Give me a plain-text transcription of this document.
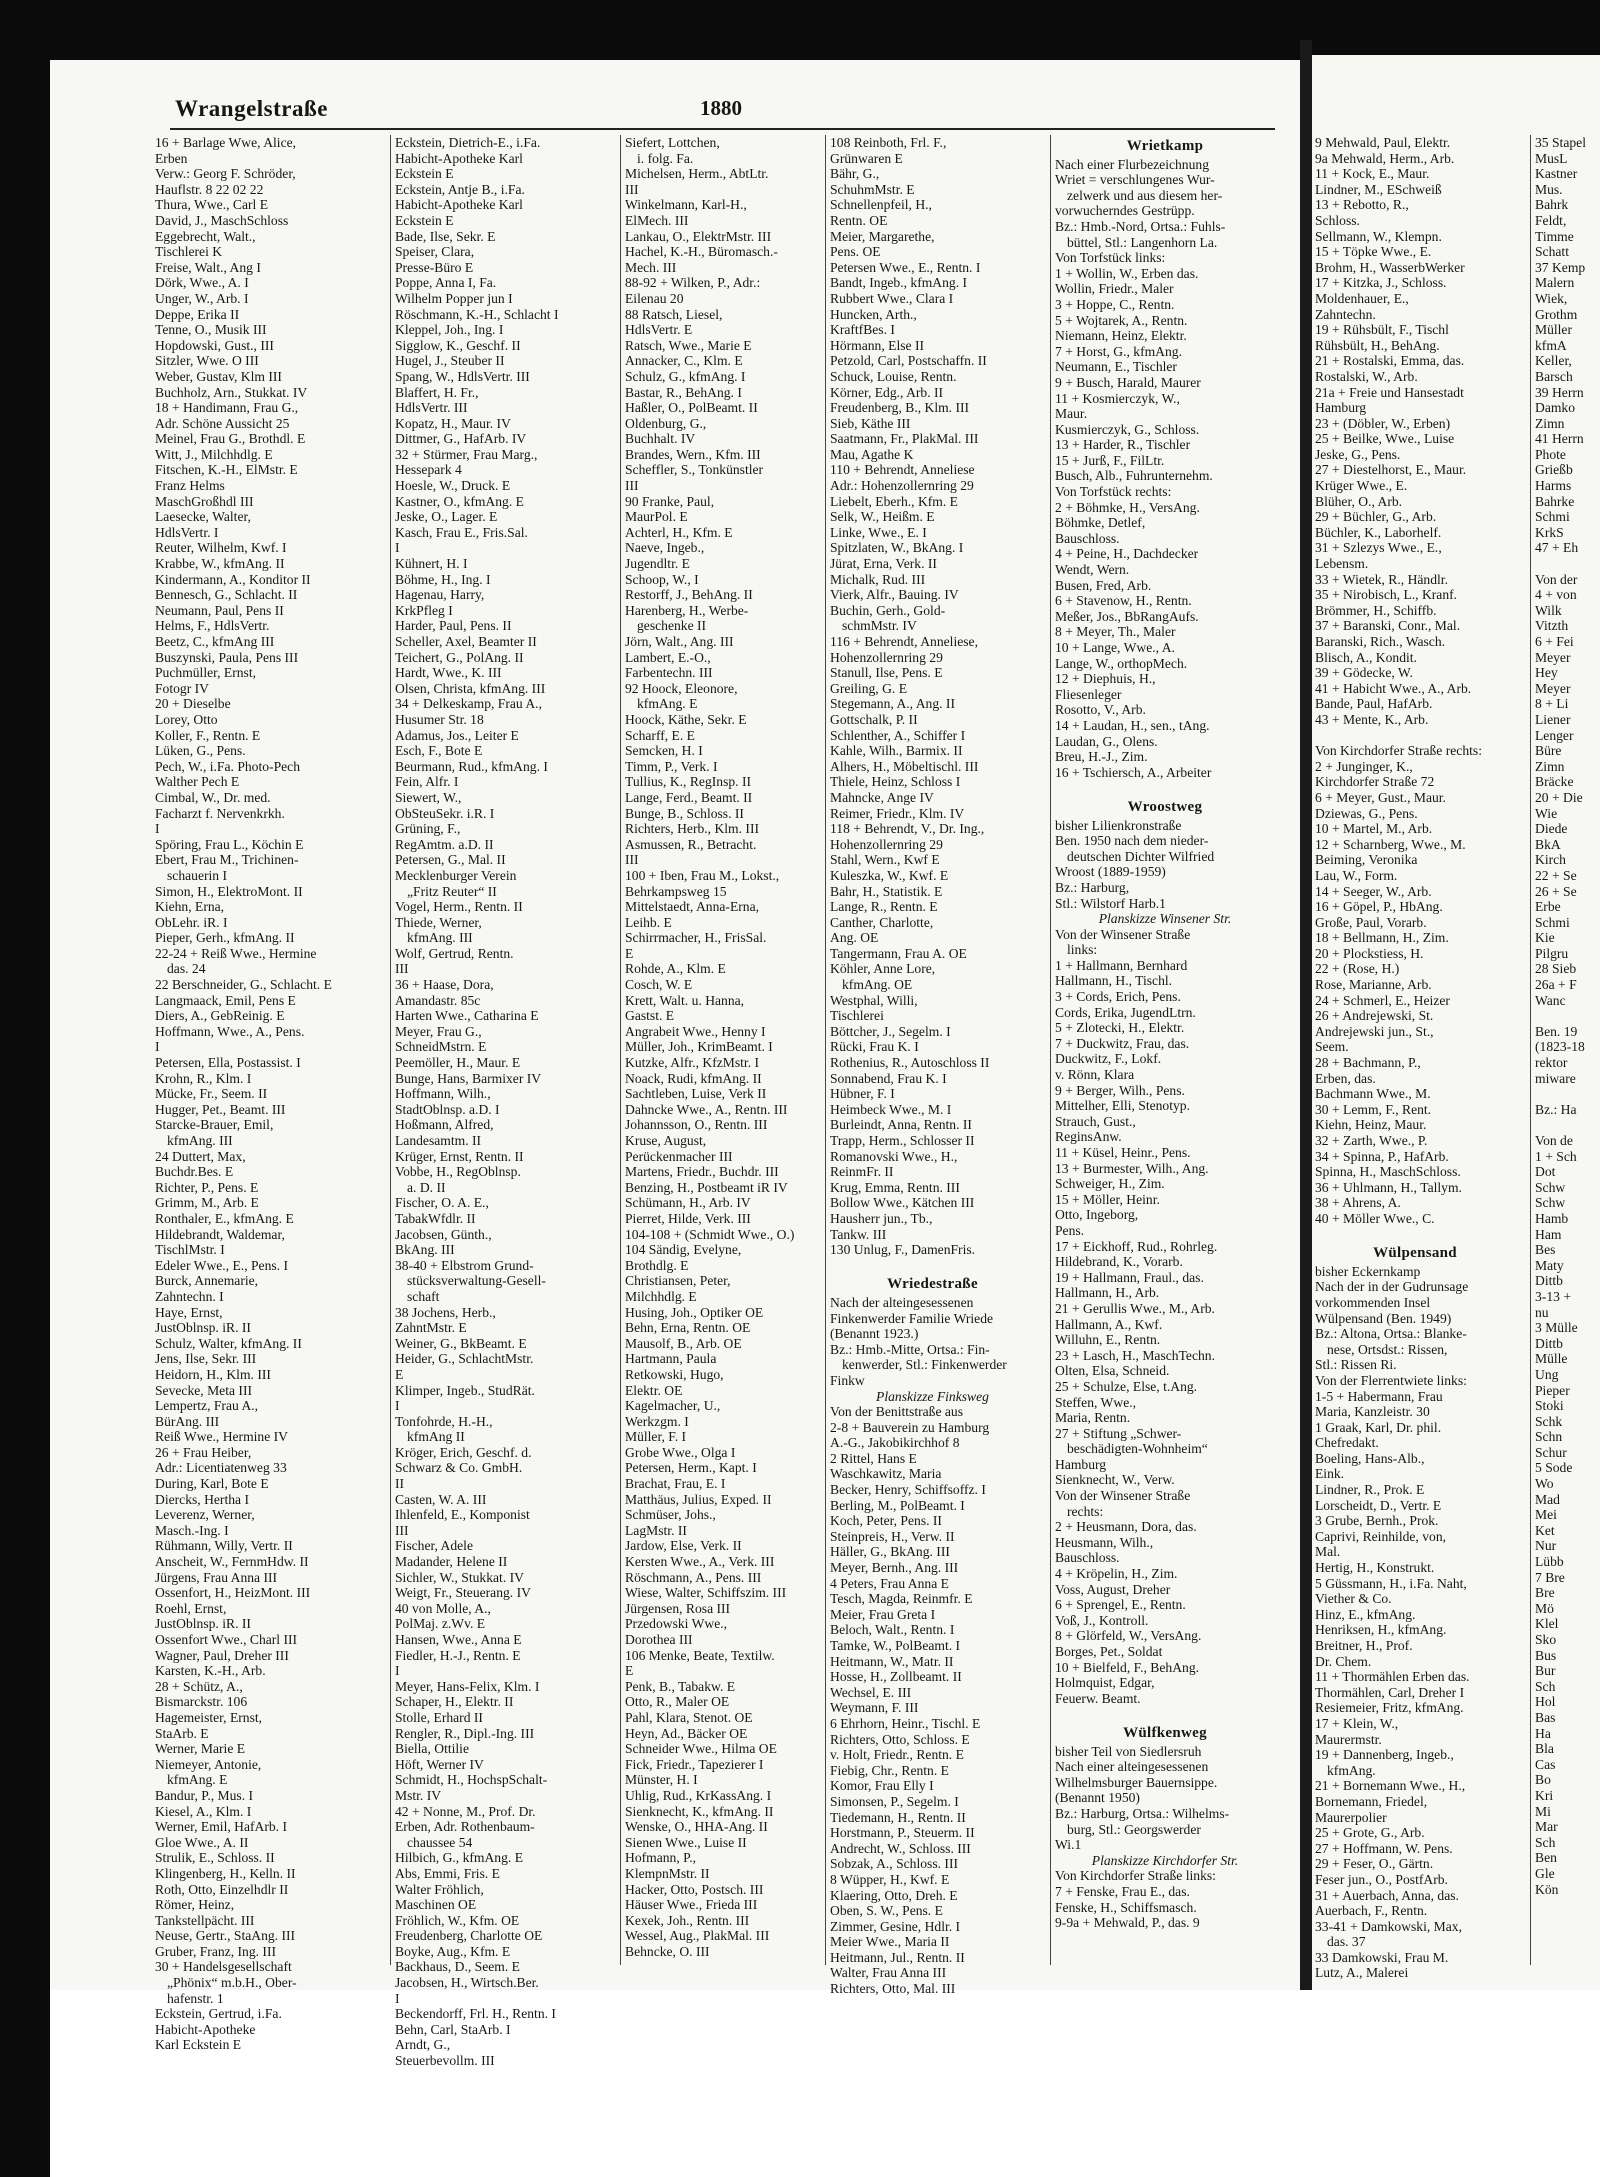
Wrangelstraße	1880
16 + Barlage Wwe, Alice,
Erben
Verw.: Georg F. Schröder,
Hauflstr. 8 22 02 22
Thura, Wwe., Carl E
David, J., MaschSchloss
Eggebrecht, Walt.,
Tischlerei K
Freise, Walt., Ang I
Dörk, Wwe., A. I
Unger, W., Arb. I
Deppe, Erika II
Tenne, O., Musik III
Hopdowski, Gust., III
Sitzler, Wwe. O III
Weber, Gustav, Klm III
Buchholz, Arn., Stukkat. IV
18 + Handimann, Frau G.,
Adr. Schöne Aussicht 25
Meinel, Frau G., Brothdl. E
Witt, J., Milchhdlg. E
Fitschen, K.-H., ElMstr. E
Franz Helms
MaschGroßhdl III
Laesecke, Walter,
HdlsVertr. I
Reuter, Wilhelm, Kwf. I
Krabbe, W., kfmAng. II
Kindermann, A., Konditor II
Bennesch, G., Schlacht. II
Neumann, Paul, Pens II
Helms, F., HdlsVertr.
Beetz, C., kfmAng III
Buszynski, Paula, Pens III
Puchmüller, Ernst,
Fotogr IV
20 + Dieselbe
Lorey, Otto
Koller, F., Rentn. E
Lüken, G., Pens.
Pech, W., i.Fa. Photo-Pech
Walther Pech E
Cimbal, W., Dr. med.
Facharzt f. Nervenkrkh.
I
Spöring, Frau L., Köchin E
Ebert, Frau M., Trichinen-
schauerin I
Simon, H., ElektroMont. II
Kiehn, Erna,
ObLehr. iR. I
Pieper, Gerh., kfmAng. II
22-24 + Reiß Wwe., Hermine
das. 24
22 Berschneider, G., Schlacht. E
Langmaack, Emil, Pens E
Diers, A., GebReinig. E
Hoffmann, Wwe., A., Pens.
I
Petersen, Ella, Postassist. I
Krohn, R., Klm. I
Mücke, Fr., Seem. II
Hugger, Pet., Beamt. III
Starcke-Brauer, Emil,
kfmAng. III
24 Duttert, Max,
Buchdr.Bes. E
Richter, P., Pens. E
Grimm, M., Arb. E
Ronthaler, E., kfmAng. E
Hildebrandt, Waldemar,
TischlMstr. I
Edeler Wwe., E., Pens. I
Burck, Annemarie,
Zahntechn. I
Haye, Ernst,
JustOblnsp. iR. II
Schulz, Walter, kfmAng. II
Jens, Ilse, Sekr. III
Heidorn, H., Klm. III
Sevecke, Meta III
Lempertz, Frau A.,
BürAng. III
Reiß Wwe., Hermine IV
26 + Frau Heiber,
Adr.: Licentiatenweg 33
During, Karl, Bote E
Diercks, Hertha I
Leverenz, Werner,
Masch.-Ing. I
Rühmann, Willy, Vertr. II
Anscheit, W., FernmHdw. II
Jürgens, Frau Anna III
Ossenfort, H., HeizMont. III
Roehl, Ernst,
JustOblnsp. iR. II
Ossenfort Wwe., Charl III
Wagner, Paul, Dreher III
Karsten, K.-H., Arb.
28 + Schütz, A.,
Bismarckstr. 106
Hagemeister, Ernst,
StaArb. E
Werner, Marie E
Niemeyer, Antonie,
kfmAng. E
Bandur, P., Mus. I
Kiesel, A., Klm. I
Werner, Emil, HafArb. I
Gloe Wwe., A. II
Strulik, E., Schloss. II
Klingenberg, H., Kelln. II
Roth, Otto, Einzelhdlr II
Römer, Heinz,
Tankstellpächt. III
Neuse, Gertr., StaAng. III
Gruber, Franz, Ing. III
30 + Handelsgesellschaft
„Phönix“ m.b.H., Ober-
hafenstr. 1
Eckstein, Gertrud, i.Fa.
Habicht-Apotheke
Karl Eckstein E
Eckstein, Dietrich-E., i.Fa.
Habicht-Apotheke Karl
Eckstein E
Eckstein, Antje B., i.Fa.
Habicht-Apotheke Karl
Eckstein E
Bade, Ilse, Sekr. E
Speiser, Clara,
Presse-Büro E
Poppe, Anna I, Fa.
Wilhelm Popper jun I
Röschmann, K.-H., Schlacht I
Kleppel, Joh., Ing. I
Sigglow, K., Geschf. II
Hugel, J., Steuber II
Spang, W., HdlsVertr. III
Blaffert, H. Fr.,
HdlsVertr. III
Kopatz, H., Maur. IV
Dittmer, G., HafArb. IV
32 + Stürmer, Frau Marg.,
Hessepark 4
Hoesle, W., Druck. E
Kastner, O., kfmAng. E
Jeske, O., Lager. E
Kasch, Frau E., Fris.Sal.
I
Kühnert, H. I
Böhme, H., Ing. I
Hagenau, Harry,
KrkPfleg I
Harder, Paul, Pens. II
Scheller, Axel, Beamter II
Teichert, G., PolAng. II
Hardt, Wwe., K. III
Olsen, Christa, kfmAng. III
34 + Delkeskamp, Frau A.,
Husumer Str. 18
Adamus, Jos., Leiter E
Esch, F., Bote E
Beurmann, Rud., kfmAng. I
Fein, Alfr. I
Siewert, W.,
ObSteuSekr. i.R. I
Grüning, F.,
RegAmtm. a.D. II
Petersen, G., Mal. II
Mecklenburger Verein
„Fritz Reuter“ II
Vogel, Herm., Rentn. II
Thiede, Werner,
kfmAng. III
Wolf, Gertrud, Rentn.
III
36 + Haase, Dora,
Amandastr. 85c
Harten Wwe., Catharina E
Meyer, Frau G.,
SchneidMstrn. E
Peemöller, H., Maur. E
Bunge, Hans, Barmixer IV
Hoffmann, Wilh.,
StadtOblnsp. a.D. I
Hoßmann, Alfred,
Landesamtm. II
Krüger, Ernst, Rentn. II
Vobbe, H., RegOblnsp.
a. D. II
Fischer, O. A. E.,
TabakWfdlr. II
Jacobsen, Günth.,
BkAng. III
38-40 + Elbstrom Grund-
stücksverwaltung-Gesell-
schaft
38 Jochens, Herb.,
ZahntMstr. E
Weiner, G., BkBeamt. E
Heider, G., SchlachtMstr.
E
Klimper, Ingeb., StudRät.
I
Tonfohrde, H.-H.,
kfmAng II
Kröger, Erich, Geschf. d.
Schwarz & Co. GmbH.
II
Casten, W. A. III
Ihlenfeld, E., Komponist
III
Fischer, Adele
Madander, Helene II
Sichler, W., Stukkat. IV
Weigt, Fr., Steuerang. IV
40 von Molle, A.,
PolMaj. z.Wv. E
Hansen, Wwe., Anna E
Fiedler, H.-J., Rentn. E
I
Meyer, Hans-Felix, Klm. I
Schaper, H., Elektr. II
Stolle, Erhard II
Rengler, R., Dipl.-Ing. III
Biella, Ottilie
Höft, Werner IV
Schmidt, H., HochspSchalt-
Mstr. IV
42 + Nonne, M., Prof. Dr.
Erben, Adr. Rothenbaum-
chaussee 54
Hilbich, G., kfmAng. E
Abs, Emmi, Fris. E
Walter Fröhlich,
Maschinen OE
Fröhlich, W., Kfm. OE
Freudenberg, Charlotte OE
Boyke, Aug., Kfm. E
Backhaus, D., Seem. E
Jacobsen, H., Wirtsch.Ber.
I
Beckendorff, Frl. H., Rentn. I
Behn, Carl, StaArb. I
Arndt, G.,
Steuerbevollm. III
Siefert, Lottchen,
i. folg. Fa.
Michelsen, Herm., AbtLtr.
III
Winkelmann, Karl-H.,
ElMech. III
Lankau, O., ElektrMstr. III
Hachel, K.-H., Büromasch.-
Mech. III
88-92 + Wilken, P., Adr.:
Eilenau 20
88 Ratsch, Liesel,
HdlsVertr. E
Ratsch, Wwe., Marie E
Annacker, C., Klm. E
Schulz, G., kfmAng. I
Bastar, R., BehAng. I
Haßler, O., PolBeamt. II
Oldenburg, G.,
Buchhalt. IV
Brandes, Wern., Kfm. III
Scheffler, S., Tonkünstler
III
90 Franke, Paul,
MaurPol. E
Achterl, H., Kfm. E
Naeve, Ingeb.,
Jugendltr. E
Schoop, W., I
Restorff, J., BehAng. II
Harenberg, H., Werbe-
geschenke II
Jörn, Walt., Ang. III
Lambert, E.-O.,
Farbentechn. III
92 Hoock, Eleonore,
kfmAng. E
Hoock, Käthe, Sekr. E
Scharff, E. E
Semcken, H. I
Timm, P., Verk. I
Tullius, K., RegInsp. II
Lange, Ferd., Beamt. II
Bunge, B., Schloss. II
Richters, Herb., Klm. III
Asmussen, R., Betracht.
III
100 + Iben, Frau M., Lokst.,
Behrkampsweg 15
Mittelstaedt, Anna-Erna,
Leihb. E
Schirrmacher, H., FrisSal.
E
Rohde, A., Klm. E
Cosch, W. E
Krett, Walt. u. Hanna,
Gastst. E
Angrabeit Wwe., Henny I
Müller, Joh., KrimBeamt. I
Kutzke, Alfr., KfzMstr. I
Noack, Rudi, kfmAng. II
Sachtleben, Luise, Verk II
Dahncke Wwe., A., Rentn. III
Johannsson, O., Rentn. III
Kruse, August,
Perückenmacher III
Martens, Friedr., Buchdr. III
Benzing, H., Postbeamt iR IV
Schümann, H., Arb. IV
Pierret, Hilde, Verk. III
104-108 + (Schmidt Wwe., O.)
104 Sändig, Evelyne,
Brothdlg. E
Christiansen, Peter,
Milchhdlg. E
Husing, Joh., Optiker OE
Behn, Erna, Rentn. OE
Mausolf, B., Arb. OE
Hartmann, Paula
Retkowski, Hugo,
Elektr. OE
Kagelmacher, U.,
Werkzgm. I
Müller, F. I
Grobe Wwe., Olga I
Petersen, Herm., Kapt. I
Brachat, Frau, E. I
Matthäus, Julius, Exped. II
Schmüser, Johs.,
LagMstr. II
Jardow, Else, Verk. II
Kersten Wwe., A., Verk. III
Röschmann, A., Pens. III
Wiese, Walter, Schiffszim. III
Jürgensen, Rosa III
Przedowski Wwe.,
Dorothea III
106 Menke, Beate, Textilw.
E
Penk, B., Tabakw. E
Otto, R., Maler OE
Pahl, Klara, Stenot. OE
Heyn, Ad., Bäcker OE
Schneider Wwe., Hilma OE
Fick, Friedr., Tapezierer I
Münster, H. I
Uhlig, Rud., KrKassAng. I
Sienknecht, K., kfmAng. II
Wenske, O., HHA-Ang. II
Sienen Wwe., Luise II
Hofmann, P.,
KlempnMstr. II
Hacker, Otto, Postsch. III
Häuser Wwe., Frieda III
Kexek, Joh., Rentn. III
Wessel, Aug., PlakMal. III
Behncke, O. III
108 Reinboth, Frl. F.,
Grünwaren E
Bähr, G.,
SchuhmMstr. E
Schnellenpfeil, H.,
Rentn. OE
Meier, Margarethe,
Pens. OE
Petersen Wwe., E., Rentn. I
Bandt, Ingeb., kfmAng. I
Rubbert Wwe., Clara I
Huncken, Arth.,
KraftfBes. I
Hörmann, Else II
Petzold, Carl, Postschaffn. II
Schuck, Louise, Rentn.
Körner, Edg., Arb. II
Freudenberg, B., Klm. III
Sieb, Käthe III
Saatmann, Fr., PlakMal. III
Mau, Agathe K
110 + Behrendt, Anneliese
Adr.: Hohenzollernring 29
Liebelt, Eberh., Kfm. E
Selk, W., Heißm. E
Linke, Wwe., E. I
Spitzlaten, W., BkAng. I
Jürat, Erna, Verk. II
Michalk, Rud. III
Vierk, Alfr., Bauing. IV
Buchin, Gerh., Gold-
schmMstr. IV
116 + Behrendt, Anneliese,
Hohenzollernring 29
Stanull, Ilse, Pens. E
Greiling, G. E
Stegemann, A., Ang. II
Gottschalk, P. II
Schlenther, A., Schiffer I
Kahle, Wilh., Barmix. II
Alhers, H., Möbeltischl. III
Thiele, Heinz, Schloss I
Mahncke, Ange IV
Reimer, Friedr., Klm. IV
118 + Behrendt, V., Dr. Ing.,
Hohenzollernring 29
Stahl, Wern., Kwf E
Kuleszka, W., Kwf. E
Bahr, H., Statistik. E
Lange, R., Rentn. E
Canther, Charlotte,
Ang. OE
Tangermann, Frau A. OE
Köhler, Anne Lore,
kfmAng. OE
Westphal, Willi,
Tischlerei
Böttcher, J., Segelm. I
Rücki, Frau K. I
Rothenius, R., Autoschloss II
Sonnabend, Frau K. I
Hübner, F. I
Heimbeck Wwe., M. I
Burleindt, Anna, Rentn. II
Trapp, Herm., Schlosser II
Romanovski Wwe., H.,
ReinmFr. II
Krug, Emma, Rentn. III
Bollow Wwe., Kätchen III
Hausherr jun., Tb.,
Tankw. III
130 Unlug, F., DamenFris.

Wriedestraße
Nach der alteingesessenen
Finkenwerder Familie Wriede
(Benannt 1923.)
Bz.: Hmb.-Mitte, Ortsa.: Fin-
kenwerder, Stl.: Finkenwerder
Finkw
Planskizze Finksweg
Von der Benittstraße aus
2-8 + Bauverein zu Hamburg
A.-G., Jakobikirchhof 8
2 Rittel, Hans E
Waschkawitz, Maria
Becker, Henry, Schiffsoffz. I
Berling, M., PolBeamt. I
Koch, Peter, Pens. II
Steinpreis, H., Verw. II
Häller, G., BkAng. III
Meyer, Bernh., Ang. III
4 Peters, Frau Anna E
Tesch, Magda, Reinmfr. E
Meier, Frau Greta I
Beloch, Walt., Rentn. I
Tamke, W., PolBeamt. I
Heitmann, W., Matr. II
Hosse, H., Zollbeamt. II
Wechsel, E. III
Weymann, F. III
6 Ehrhorn, Heinr., Tischl. E
Richters, Otto, Schloss. E
v. Holt, Friedr., Rentn. E
Fiebig, Chr., Rentn. E
Komor, Frau Elly I
Simonsen, P., Segelm. I
Tiedemann, H., Rentn. II
Horstmann, P., Steuerm. II
Andrecht, W., Schloss. III
Sobzak, A., Schloss. III
8 Wüpper, H., Kwf. E
Klaering, Otto, Dreh. E
Oben, S. W., Pens. E
Zimmer, Gesine, Hdlr. I
Meier Wwe., Maria II
Heitmann, Jul., Rentn. II
Walter, Frau Anna III
Richters, Otto, Mal. III
Wrietkamp
Nach einer Flurbezeichnung
Wriet = verschlungenes Wur-
zelwerk und aus diesem her-
vorwucherndes Gestrüpp.
Bz.: Hmb.-Nord, Ortsa.: Fuhls-
büttel, Stl.: Langenhorn La.
Von Torfstück links:
1 + Wollin, W., Erben das.
Wollin, Friedr., Maler
3 + Hoppe, C., Rentn.
5 + Wojtarek, A., Rentn.
Niemann, Heinz, Elektr.
7 + Horst, G., kfmAng.
Neumann, E., Tischler
9 + Busch, Harald, Maurer
11 + Kosmierczyk, W.,
Maur.
Kusmierczyk, G., Schloss.
13 + Harder, R., Tischler
15 + Jurß, F., FilLtr.
Busch, Alb., Fuhrunternehm.
Von Torfstück rechts:
2 + Böhmke, H., VersAng.
Böhmke, Detlef,
Bauschloss.
4 + Peine, H., Dachdecker
Wendt, Wern.
Busen, Fred, Arb.
6 + Stavenow, H., Rentn.
Meßer, Jos., BbRangAufs.
8 + Meyer, Th., Maler
10 + Lange, Wwe., A.
Lange, W., orthopMech.
12 + Diephuis, H.,
Fliesenleger
Rosotto, V., Arb.
14 + Laudan, H., sen., tAng.
Laudan, G., Olens.
Breu, H.-J., Zim.
16 + Tschiersch, A., Arbeiter

Wroostweg
bisher Lilienkronstraße
Ben. 1950 nach dem nieder-
deutschen Dichter Wilfried
Wroost (1889-1959)
Bz.: Harburg,
Stl.: Wilstorf Harb.1
Planskizze Winsener Str.
Von der Winsener Straße
links:
1 + Hallmann, Bernhard
Hallmann, H., Tischl.
3 + Cords, Erich, Pens.
Cords, Erika, JugendLtrn.
5 + Zlotecki, H., Elektr.
7 + Duckwitz, Frau, das.
Duckwitz, F., Lokf.
v. Rönn, Klara
9 + Berger, Wilh., Pens.
Mittelher, Elli, Stenotyp.
Strauch, Gust.,
ReginsAnw.
11 + Küsel, Heinr., Pens.
13 + Burmester, Wilh., Ang.
Schweiger, H., Zim.
15 + Möller, Heinr.
Otto, Ingeborg,
Pens.
17 + Eickhoff, Rud., Rohrleg.
Hildebrand, K., Vorarb.
19 + Hallmann, Fraul., das.
Hallmann, H., Arb.
21 + Gerullis Wwe., M., Arb.
Hallmann, A., Kwf.
Willuhn, E., Rentn.
23 + Lasch, H., MaschTechn.
Olten, Elsa, Schneid.
25 + Schulze, Else, t.Ang.
Steffen, Wwe.,
Maria, Rentn.
27 + Stiftung „Schwer-
beschädigten-Wohnheim“
Hamburg
Sienknecht, W., Verw.
Von der Winsener Straße
rechts:
2 + Heusmann, Dora, das.
Heusmann, Wilh.,
Bauschloss.
4 + Kröpelin, H., Zim.
Voss, August, Dreher
6 + Sprengel, E., Rentn.
Voß, J., Kontroll.
8 + Glörfeld, W., VersAng.
Borges, Pet., Soldat
10 + Bielfeld, F., BehAng.
Holmquist, Edgar,
Feuerw. Beamt.

Wülfkenweg
bisher Teil von Siedlersruh
Nach einer alteingesessenen
Wilhelmsburger Bauernsippe.
(Benannt 1950)
Bz.: Harburg, Ortsa.: Wilhelms-
burg, Stl.: Georgswerder
Wi.1
Planskizze Kirchdorfer Str.
Von Kirchdorfer Straße links:
7 + Fenske, Frau E., das.
Fenske, H., Schiffsmasch.
9-9a + Mehwald, P., das. 9
9 Mehwald, Paul, Elektr.
9a Mehwald, Herm., Arb.
11 + Kock, E., Maur.
Lindner, M., ESchweiß
13 + Rebotto, R.,
Schloss.
Sellmann, W., Klempn.
15 + Töpke Wwe., E.
Brohm, H., WasserbWerker
17 + Kitzka, J., Schloss.
Moldenhauer, E.,
Zahntechn.
19 + Rühsbült, F., Tischl
Rühsbült, H., BehAng.
21 + Rostalski, Emma, das.
Rostalski, W., Arb.
21a + Freie und Hansestadt
Hamburg
23 + (Döbler, W., Erben)
25 + Beilke, Wwe., Luise
Jeske, G., Pens.
27 + Diestelhorst, E., Maur.
Krüger Wwe., E.
Blüher, O., Arb.
29 + Büchler, G., Arb.
Büchler, K., Laborhelf.
31 + Szlezys Wwe., E.,
Lebensm.
33 + Wietek, R., Händlr.
35 + Nirobisch, L., Kranf.
Brömmer, H., Schiffb.
37 + Baranski, Conr., Mal.
Baranski, Rich., Wasch.
Blisch, A., Kondit.
39 + Gödecke, W.
41 + Habicht Wwe., A., Arb.
Bande, Paul, HafArb.
43 + Mente, K., Arb.

Von Kirchdorfer Straße rechts:
2 + Junginger, K.,
Kirchdorfer Straße 72
6 + Meyer, Gust., Maur.
Dziewas, G., Pens.
10 + Martel, M., Arb.
12 + Scharnberg, Wwe., M.
Beiming, Veronika
Lau, W., Form.
14 + Seeger, W., Arb.
16 + Göpel, P., HbAng.
Große, Paul, Vorarb.
18 + Bellmann, H., Zim.
20 + Plockstiess, H.
22 + (Rose, H.)
Rose, Marianne, Arb.
24 + Schmerl, E., Heizer
26 + Andrejewski, St.
Andrejewski jun., St.,
Seem.
28 + Bachmann, P.,
Erben, das.
Bachmann Wwe., M.
30 + Lemm, F., Rent.
Kiehn, Heinz, Maur.
32 + Zarth, Wwe., P.
34 + Spinna, P., HafArb.
Spinna, H., MaschSchloss.
36 + Uhlmann, H., Tallym.
38 + Ahrens, A.
40 + Möller Wwe., C.

Wülpensand
bisher Eckernkamp
Nach der in der Gudrunsage
vorkommenden Insel
Wülpensand (Ben. 1949)
Bz.: Altona, Ortsa.: Blanke-
nese, Ortsdst.: Rissen,
Stl.: Rissen Ri.
Von der Flerrentwiete links:
1-5 + Habermann, Frau
Maria, Kanzleistr. 30
1 Graak, Karl, Dr. phil.
Chefredakt.
Boeling, Hans-Alb.,
Eink.
Lindner, R., Prok. E
Lorscheidt, D., Vertr. E
3 Grube, Bernh., Prok.
Caprivi, Reinhilde, von,
Mal.
Hertig, H., Konstrukt.
5 Güssmann, H., i.Fa. Naht,
Viether & Co.
Hinz, E., kfmAng.
Henriksen, H., kfmAng.
Breitner, H., Prof.
Dr. Chem.
11 + Thormählen Erben das.
Thormählen, Carl, Dreher I
Resiemeier, Fritz, kfmAng.
17 + Klein, W.,
Maurermstr.
19 + Dannenberg, Ingeb.,
kfmAng.
21 + Bornemann Wwe., H.,
Bornemann, Friedel,
Maurerpolier
25 + Grote, G., Arb.
27 + Hoffmann, W. Pens.
29 + Feser, O., Gärtn.
Feser jun., O., PostfArb.
31 + Auerbach, Anna, das.
Auerbach, F., Rentn.
33-41 + Damkowski, Max,
das. 37
33 Damkowski, Frau M.
Lutz, A., Malerei
35 Stapel
MusL
Kastner
Mus.
Bahrk
Feldt,
Timme
Schatt
37 Kemp
Malern
Wiek,
Grothm
Müller
kfmA
Keller,
Barsch
39 Herrn
Damko
Zimn
41 Herrn
Phote
Grießb
Harms
Bahrke
Schmi
KrkS
47 + Eh

Von der
4 + von
Wilk
Vitzth
6 + Fei
Meyer
Hey
Meyer
8 + Li
Liener
Lenger
Büre
Zimn
Bräcke
20 + Die
Wie
Diede
BkA
Kirch
22 + Se
26 + Se
Erbe
Schmi
Kie
Pilgru
28 Sieb
26a + F
Wanc

Ben. 19
(1823-18
rektor
miware

Bz.: Ha

Von de
1 + Sch
Dot
Schw
Schw
Hamb
Ham
Bes
Maty
Dittb
3-13 +
nu
3 Mülle
Dittb
Mülle
Ung
Pieper
Stoki
Schk
Schn
Schur
5 Sode
Wo
Mad
Mei
Ket
Nur
Lübb
7 Bre
Bre
Mö
Klel
Sko
Bus
Bur
Sch
Hol
Bas
Ha
Bla
Cas
Bo
Kri
Mi
Mar
Sch
Ben
Gle
Kön
